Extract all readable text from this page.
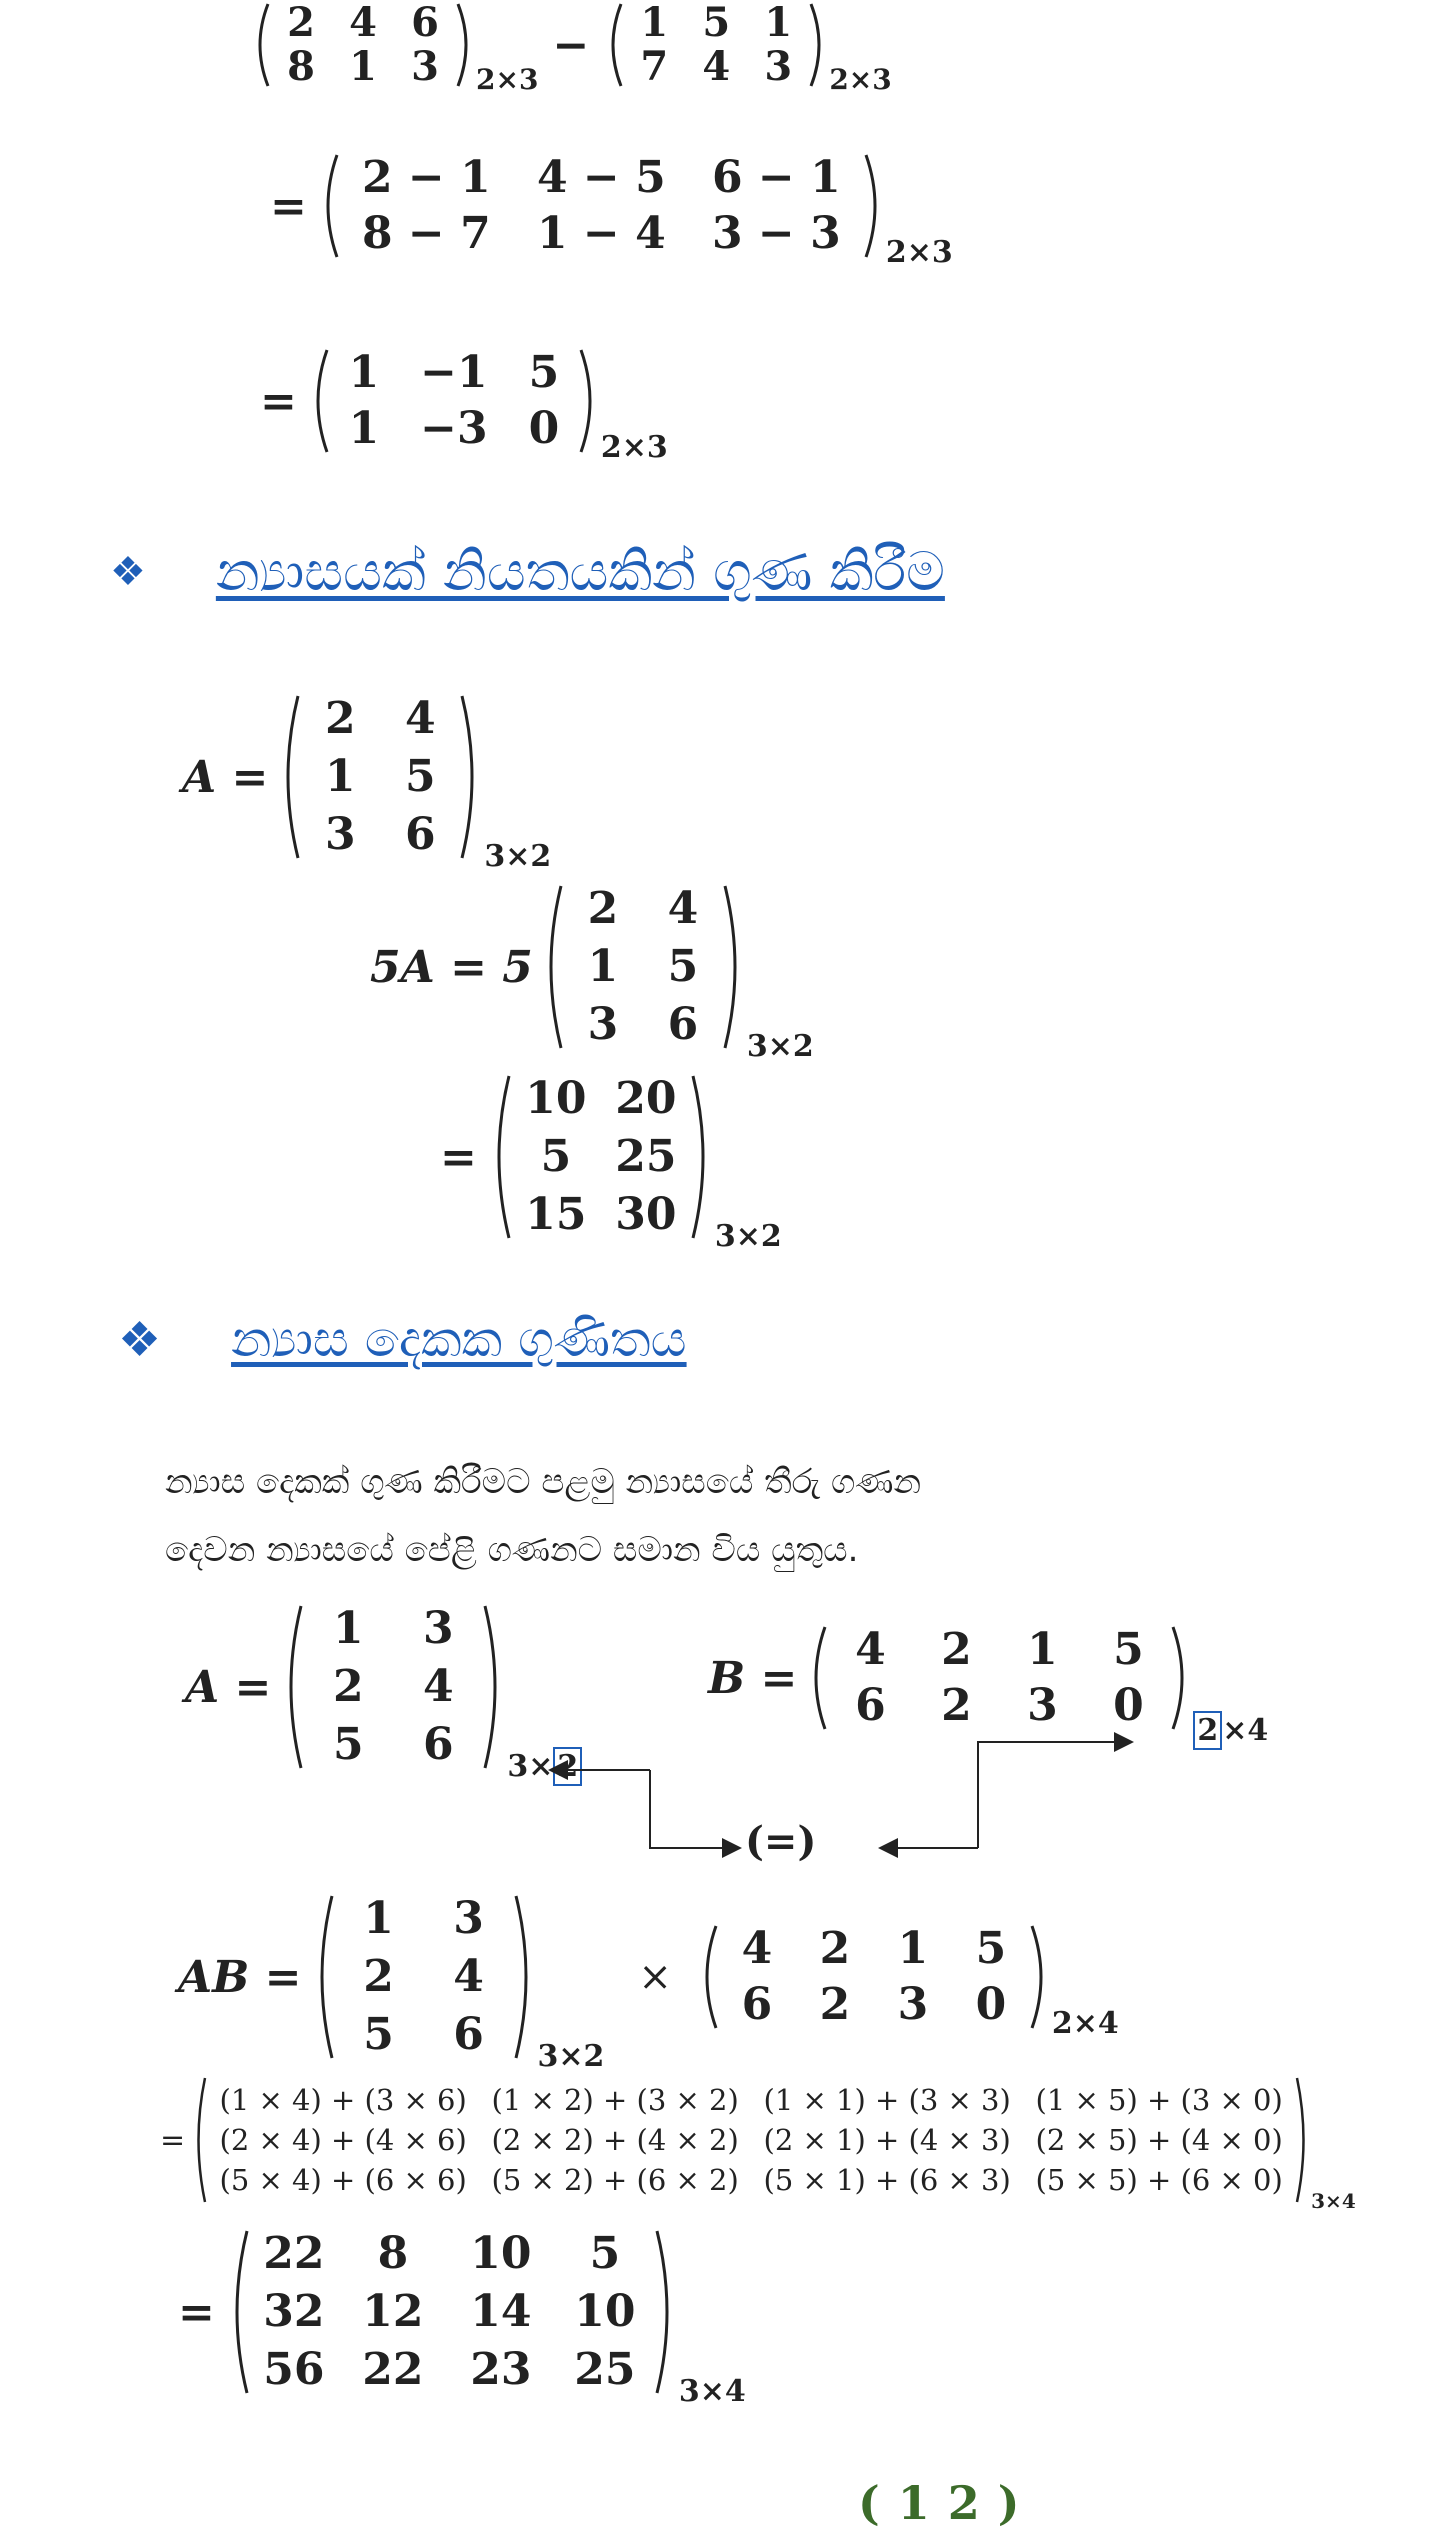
2 4 6
8 1 3	2×3
−	1 5 1
7 4 3	2×3
=
2 − 1	4 − 5	6 − 1
8 − 7	1 − 4	3 − 3	2×3
=
1 −1 5
1 −3 0	2×3
❖ න්‍යාසයක් නියතයකින් ගුණ කිරීම
A =
2	4
1	5
3	6	3×2
5A = 5
2	4
1	5
3	6	3×2
=
10 20
5	25
15 30	3×2
❖ න්‍යාස දෙකක ගුණිතය
න්‍යාස දෙකක් ගුණ කිරීමට පළමු න්‍යාසයේ තීරු ගණන
දෙවන න්‍යාසයේ පේළි ගණනට සමාන විය යුතුය.
A =
1	3
2	4
5	6	3× 2
B =
4	2	1	5
6	2	3	0	2 ×4
(=)
AB =
1	3
2	4
5	6	3×2
×
4	2	1	5
6	2	3	0	2×4
=
(1 × 4) + (3 × 6) (1 × 2) + (3 × 2) (1 × 1) + (3 × 3) (1 × 5) + (3 × 0)
(2 × 4) + (4 × 6) (2 × 2) + (4 × 2) (2 × 1) + (4 × 3) (2 × 5) + (4 × 0)
(5 × 4) + (6 × 6) (5 × 2) + (6 × 2) (5 × 1) + (6 × 3) (5 × 5) + (6 × 0)
3×4
=
22	8	10	5
32 12	14 10
56 22	23 25	3×4
(12)
